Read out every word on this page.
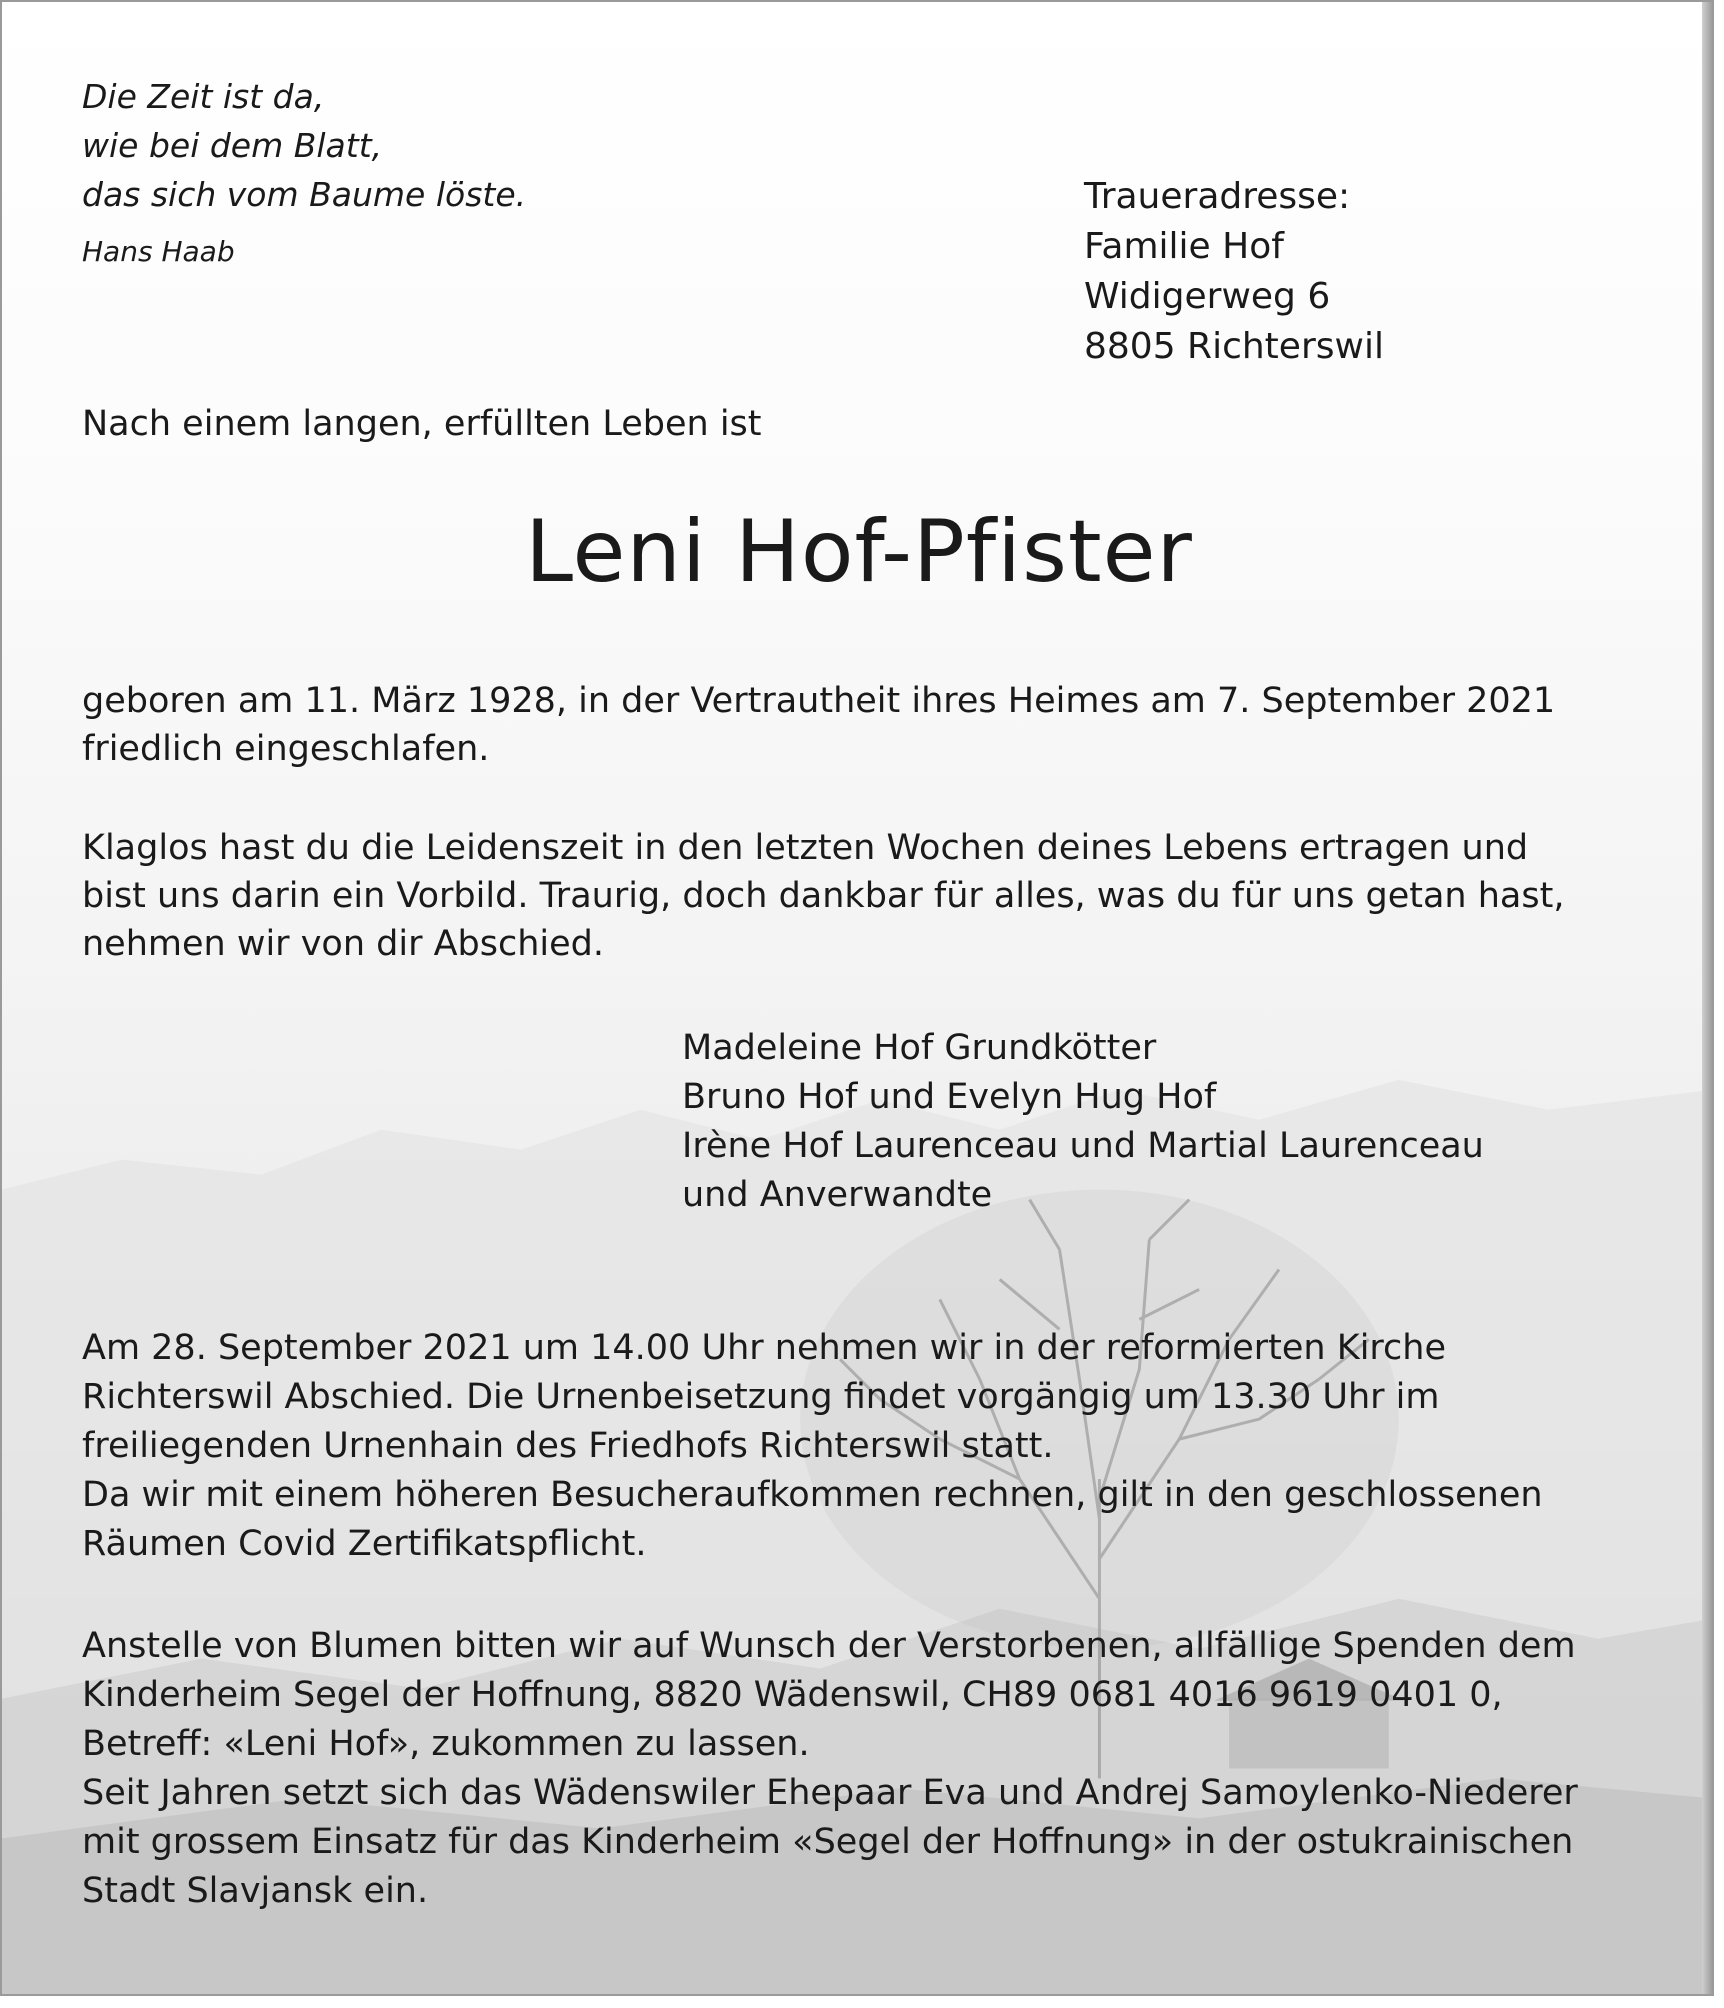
Die Zeit ist da,
wie bei dem Blatt,
das sich vom Baume löste.
Hans Haab
Traueradresse:
Familie Hof
Widigerweg 6
8805 Richterswil
Nach einem langen, erfüllten Leben ist
Leni Hof-Pfister
geboren am 11. März 1928, in der Vertrautheit ihres Heimes am 7. September 2021
friedlich eingeschlafen.
Klaglos hast du die Leidenszeit in den letzten Wochen deines Lebens ertragen und
bist uns darin ein Vorbild. Traurig, doch dankbar für alles, was du für uns getan hast,
nehmen wir von dir Abschied.
Madeleine Hof Grundkötter
Bruno Hof und Evelyn Hug Hof
Irène Hof Laurenceau und Martial Laurenceau
und Anverwandte
Am 28. September 2021 um 14.00 Uhr nehmen wir in der reformierten Kirche
Richterswil Abschied. Die Urnenbeisetzung findet vorgängig um 13.30 Uhr im
freiliegenden Urnenhain des Friedhofs Richterswil statt.
Da wir mit einem höheren Besucheraufkommen rechnen, gilt in den geschlossenen
Räumen Covid Zertifikatspflicht.
Anstelle von Blumen bitten wir auf Wunsch der Verstorbenen, allfällige Spenden dem
Kinderheim Segel der Hoffnung, 8820 Wädenswil, CH89 0681 4016 9619 0401 0,
Betreff: «Leni Hof», zukommen zu lassen.
Seit Jahren setzt sich das Wädenswiler Ehepaar Eva und Andrej Samoylenko-Niederer
mit grossem Einsatz für das Kinderheim «Segel der Hoffnung» in der ostukrainischen
Stadt Slavjansk ein.
